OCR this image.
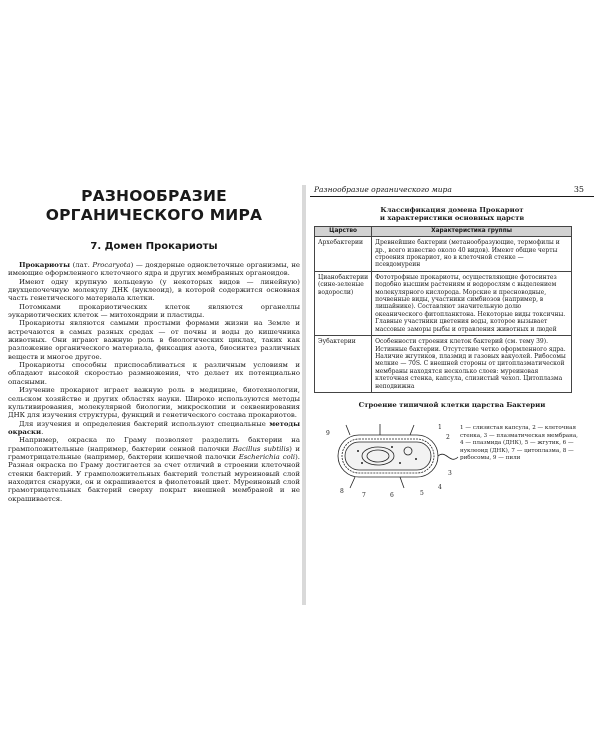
РАЗНООБРАЗИЕ
ОРГАНИЧЕСКОГО МИРА
7. Домен Прокариоты

Прокариоты (лат. Procaryota) — доядерные одноклеточные организмы, не имеющие оформленного клеточного ядра и других мембранных органоидов.

Имеют одну крупную кольцевую (у некоторых видов — линейную) двухцепочечную молекулу ДНК (нуклеоид), в которой содержится основная часть генетического материала клетки.

Потомками прокариотических клеток являются органеллы эукариотических клеток — митохондрии и пластиды.

Прокариоты являются самыми простыми формами жизни на Земле и встречаются в самых разных средах — от почвы и воды до кишечника животных. Они играют важную роль в биологических циклах, таких как разложение органического материала, фиксация азота, биосинтез различных веществ и многое другое.

Прокариоты способны приспосабливаться к различным условиям и обладают высокой скоростью размножения, что делает их потенциально опасными.

Изучение прокариот играет важную роль в медицине, биотехнологии, сельском хозяйстве и других областях науки. Широко используются методы культивирования, молекулярной биологии, микроскопии и секвенирования ДНК для изучения структуры, функций и генетического состава прокариотов.

Для изучения и определения бактерий используют специальные методы окраски.

Например, окраска по Граму позволяет разделить бактерии на грамположительные (например, бактерии сенной палочки Bacillus subtilis) и грамотрицательные (например, бактерии кишечной палочки Escherichia coli). Разная окраска по Граму достигается за счет отличий в строении клеточной стенки бактерий. У грамположительных бактерий толстый муреиновый слой находится снаружи, он и окрашивается в фиолетовый цвет. Муреиновый слой грамотрицательных бактерий сверху покрыт внешней мембраной и не окрашивается.

Разнообразие органического мира	35
Классификация домена Прокариот
и характеристики основных царств
Царство	Характеристика группы
Архебактерии	Древнейшие бактерии (метанообразующие, термофилы и др., всего известно около 40 видов). Имеют общие черты строения прокариот, но в клеточной стенке — псевдомуреин
Цианобактерии (сине-зеленые водоросли)	Фототрофные прокариоты, осуществляющие фотосинтез подобно высшим растениям и водорослям с выделением молекулярного кислорода. Морские и пресноводные, почвенные виды, участники симбиозов (например, в лишайнике). Составляют значительную долю океанического фитопланктона. Некоторые виды токсичны. Главные участники цветения воды, которое вызывает массовые заморы рыбы и отравления животных и людей
Эубактерии	Особенности строения клеток бактерий (см. тему 39). Истинные бактерии. Отсутствие четко оформленного ядра. Наличие жгутиков, плазмид и газовых вакуолей. Рибосомы мелкие — 70S. С внешней стороны от цитоплазматической мембраны находятся несколько слоев: муреиновая клеточная стенка, капсула, слизистый чехол. Цитоплазма неподвижна
Строение типичной клетки царства Бактерии
9
1
2
3
4
5
6
7
8
1 — слизистая капсула, 2 — клеточная стенка, 3 — плазматическая мембрана, 4 — плазмида (ДНК), 5 — жгутик, 6 — нуклеоид (ДНК), 7 — цитоплазма, 8 — рибосомы, 9 — пили
